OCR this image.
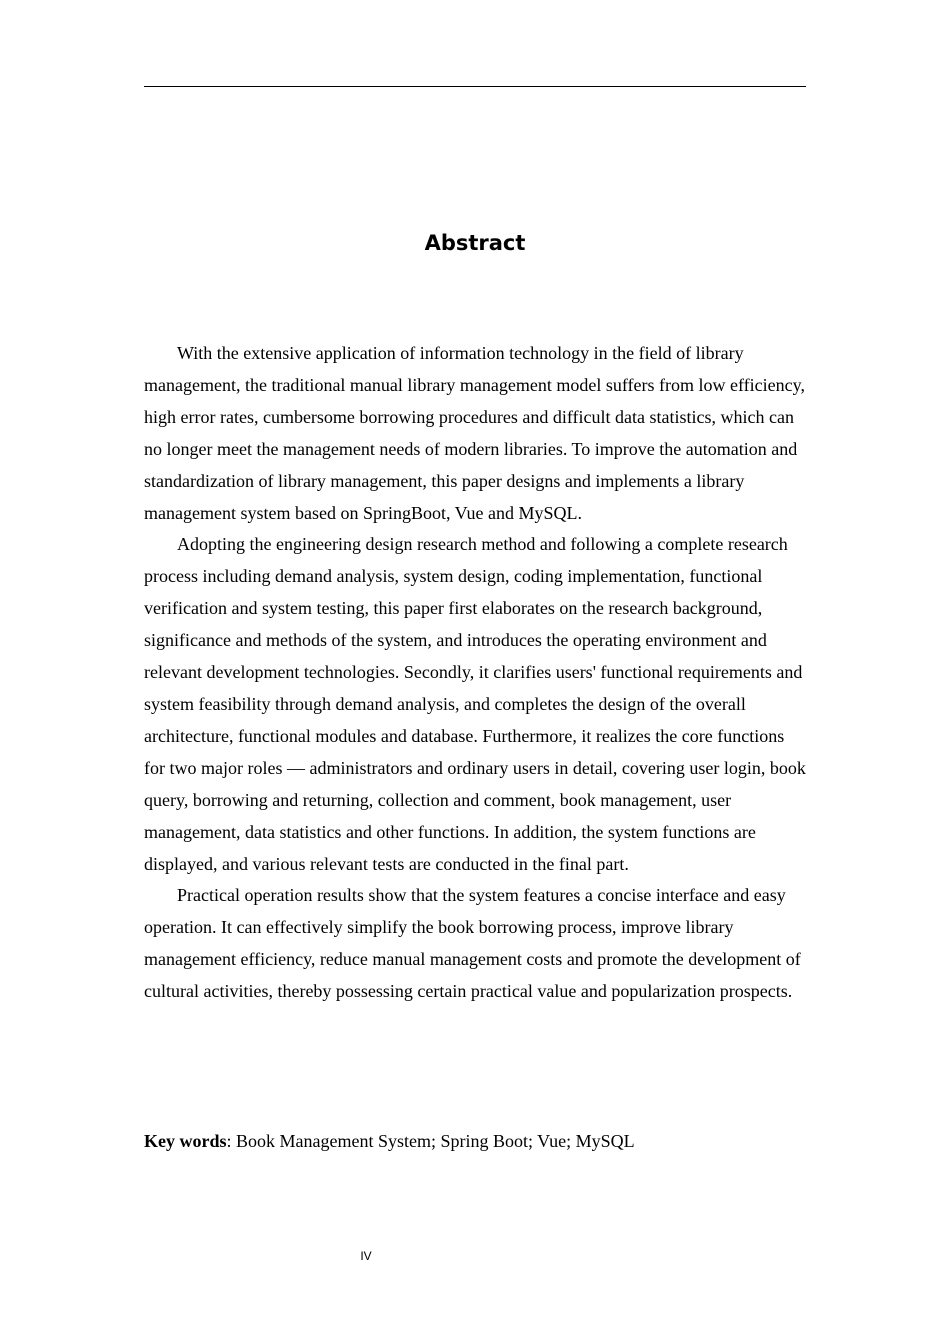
Abstract

With the extensive application of information technology in the field of library management, the traditional manual library management model suffers from low efficiency, high error rates, cumbersome borrowing procedures and difficult data statistics, which can no longer meet the management needs of modern libraries. To improve the automation and standardization of library management, this paper designs and implements a library management system based on SpringBoot, Vue and MySQL.

Adopting the engineering design research method and following a complete research process including demand analysis, system design, coding implementation, functional verification and system testing, this paper first elaborates on the research background, significance and methods of the system, and introduces the operating environment and relevant development technologies. Secondly, it clarifies users' functional requirements and system feasibility through demand analysis, and completes the design of the overall architecture, functional modules and database. Furthermore, it realizes the core functions for two major roles — administrators and ordinary users in detail, covering user login, book query, borrowing and returning, collection and comment, book management, user management, data statistics and other functions. In addition, the system functions are displayed, and various relevant tests are conducted in the final part.

Practical operation results show that the system features a concise interface and easy operation. It can effectively simplify the book borrowing process, improve library management efficiency, reduce manual management costs and promote the development of cultural activities, thereby possessing certain practical value and popularization prospects.

Key words: Book Management System; Spring Boot; Vue; MySQL

IV
